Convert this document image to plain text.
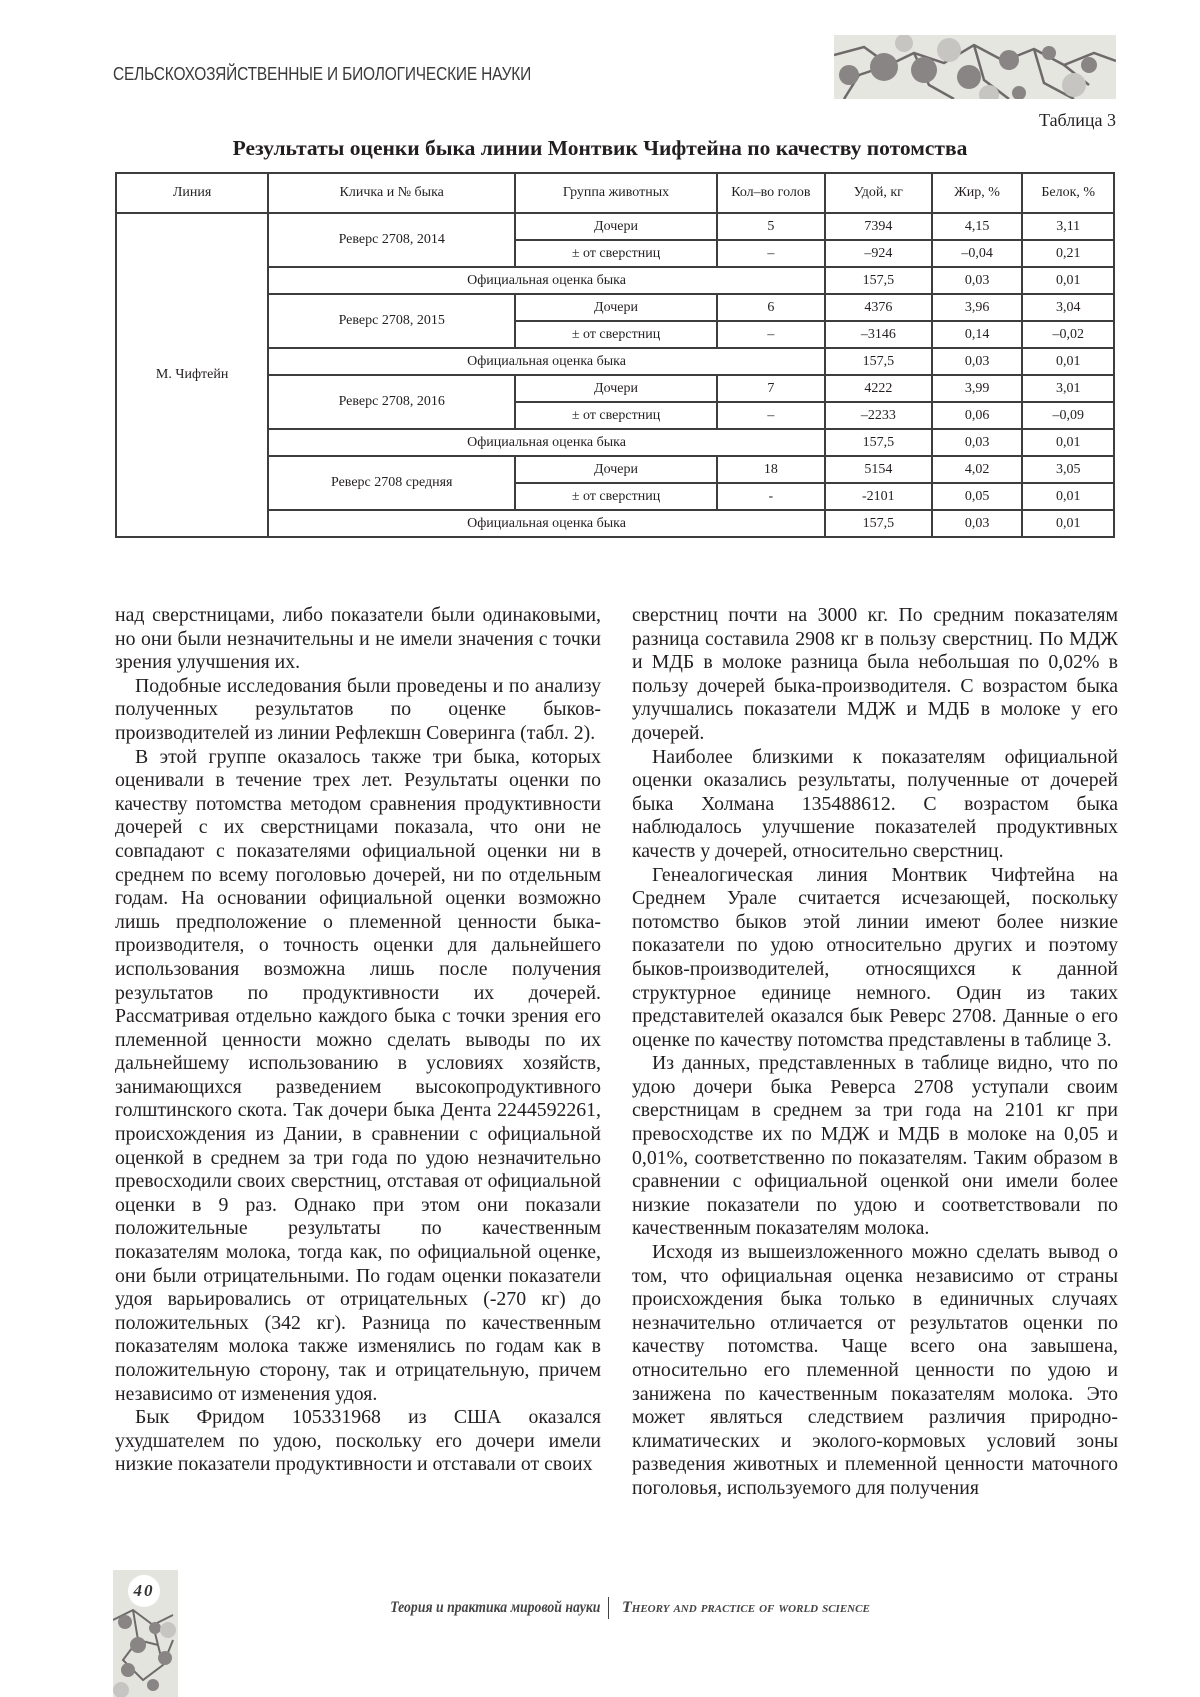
СЕЛЬСКОХОЗЯЙСТВЕННЫЕ И БИОЛОГИЧЕСКИЕ НАУКИ
Таблица 3
Результаты оценки быка линии Монтвик Чифтейна по качеству потомства
Линия	Кличка и № быка	Группа животных	Кол–во голов	Удой, кг	Жир, %	Белок, %
М. Чифтейн	Реверс 2708, 2014	Дочери	5	7394	4,15	3,11
		± от сверстниц	–	–924	–0,04	0,21
	Официальная оценка быка			157,5	0,03	0,01
	Реверс 2708, 2015	Дочери	6	4376	3,96	3,04
		± от сверстниц	–	–3146	0,14	–0,02
	Официальная оценка быка			157,5	0,03	0,01
	Реверс 2708, 2016	Дочери	7	4222	3,99	3,01
		± от сверстниц	–	–2233	0,06	–0,09
	Официальная оценка быка			157,5	0,03	0,01
	Реверс 2708 средняя	Дочери	18	5154	4,02	3,05
		± от сверстниц	-	-2101	0,05	0,01
	Официальная оценка быка			157,5	0,03	0,01

над сверстницами, либо показатели были одинаковыми, но они были незначительны и не имели значения с точки зрения улучшения их.

Подобные исследования были проведены и по анализу полученных результатов по оценке быков-производителей из линии Рефлекшн Соверинга (табл. 2).

В этой группе оказалось также три быка, которых оценивали в течение трех лет. Результаты оценки по качеству потомства методом сравнения продуктивности дочерей с их сверстницами показала, что они не совпадают с показателями официальной оценки ни в среднем по всему поголовью дочерей, ни по отдельным годам. На основании официальной оценки возможно лишь предположение о племенной ценности быка-производителя, о точность оценки для дальнейшего использования возможна лишь после получения результатов по продуктивности их дочерей. Рассматривая отдельно каждого быка с точки зрения его племенной ценности можно сделать выводы по их дальнейшему использованию в условиях хозяйств, занимающихся разведением высокопродуктивного голштинского скота. Так дочери быка Дента 2244592261, происхождения из Дании, в сравнении с официальной оценкой в среднем за три года по удою незначительно превосходили своих сверстниц, отставая от официальной оценки в 9 раз. Однако при этом они показали положительные результаты по качественным показателям молока, тогда как, по официальной оценке, они были отрицательными. По годам оценки показатели удоя варьировались от отрицательных (-270 кг) до положительных (342 кг). Разница по качественным показателям молока также изменялись по годам как в положительную сторону, так и отрицательную, причем независимо от изменения удоя.

Бык Фридом 105331968 из США оказался ухудшателем по удою, поскольку его дочери имели низкие показатели продуктивности и отставали от своих

сверстниц почти на 3000 кг. По средним показателям разница составила 2908 кг в пользу сверстниц. По МДЖ и МДБ в молоке разница была небольшая по 0,02% в пользу дочерей быка-производителя. С возрастом быка улучшались показатели МДЖ и МДБ в молоке у его дочерей.

Наиболее близкими к показателям официальной оценки оказались результаты, полученные от дочерей быка Холмана 135488612. С возрастом быка наблюдалось улучшение показателей продуктивных качеств у дочерей, относительно сверстниц.

Генеалогическая линия Монтвик Чифтейна на Среднем Урале считается исчезающей, поскольку потомство быков этой линии имеют более низкие показатели по удою относительно других и поэтому быков-производителей, относящихся к данной структурное единице немного. Один из таких представителей оказался бык Реверс 2708. Данные о его оценке по качеству потомства представлены в таблице 3.

Из данных, представленных в таблице видно, что по удою дочери быка Реверса 2708 уступали своим сверстницам в среднем за три года на 2101 кг при превосходстве их по МДЖ и МДБ в молоке на 0,05 и 0,01%, соответственно по показателям. Таким образом в сравнении с официальной оценкой они имели более низкие показатели по удою и соответствовали по качественным показателям молока.

Исходя из вышеизложенного можно сделать вывод о том, что официальная оценка независимо от страны происхождения быка только в единичных случаях незначительно отличается от результатов оценки по качеству потомства. Чаще всего она завышена, относительно его племенной ценности по удою и занижена по качественным показателям молока. Это может являться следствием различия природно-климатических и эколого-кормовых условий зоны разведения животных и племенной ценности маточного поголовья, используемого для получения

40
Теория и практика мировой науки Theory and practice of world science
